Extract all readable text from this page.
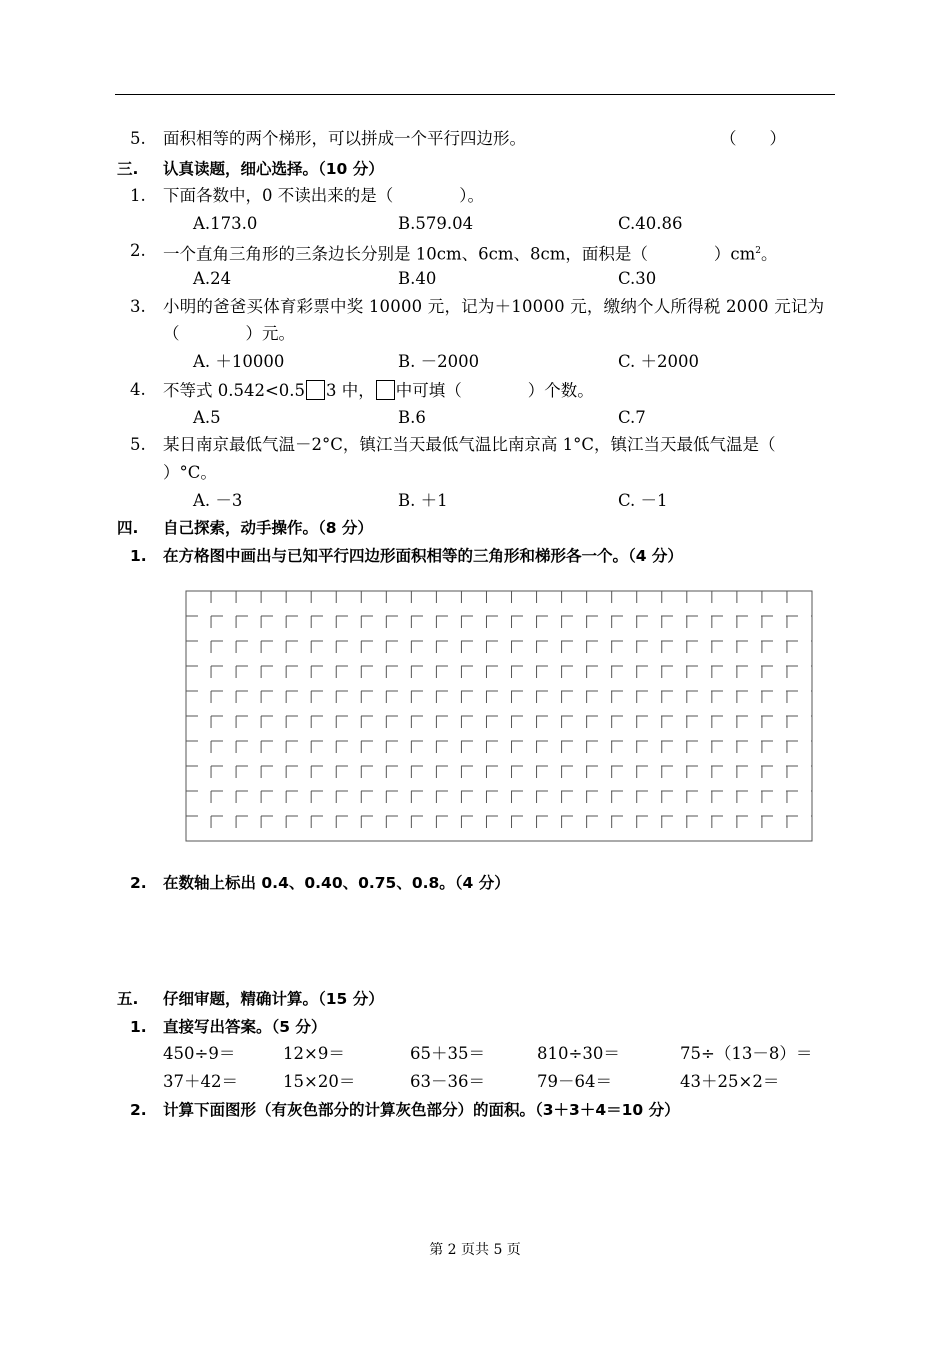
5. 面积相等的两个梯形，可以拼成一个平行四边形。	（　　）
三. 认真读题，细心选择。（10 分）
1. 下面各数中，0 不读出来的是（　　　　）。
A.173.0	B.579.04	C.40.86
2. 一个直角三角形的三条边长分别是 10cm、6cm、8cm，面积是（　　　　）$cm^2$。
A.24	B.40	C.30
3. 小明的爸爸买体育彩票中奖 10000 元，记为＋10000 元，缴纳个人所得税 2000 元记为
（　　　　）元。
A. ＋10000	B. －2000	C. ＋2000
4. 不等式 0.542<0.5 3 中， 中可填（　　　　）个数。
A.5	B.6	C.7
5. 某日南京最低气温－2°C，镇江当天最低气温比南京高 1°C，镇江当天最低气温是（
）°C。
A. －3	B. ＋1	C. －1
四. 自己探索，动手操作。（8 分）
1. 在方格图中画出与已知平行四边形面积相等的三角形和梯形各一个。（4 分）
2. 在数轴上标出 0.4、0.40、0.75、0.8。（4 分）
五. 仔细审题，精确计算。（15 分）
1. 直接写出答案。（5 分）
450÷9＝	12×9＝	65＋35＝	810÷30＝	75÷（13－8）＝
37＋42＝	15×20＝	63－36＝	79－64＝	43＋25×2＝
2. 计算下面图形（有灰色部分的计算灰色部分）的面积。（3＋3＋4＝10 分）
第 2 页共 5 页
